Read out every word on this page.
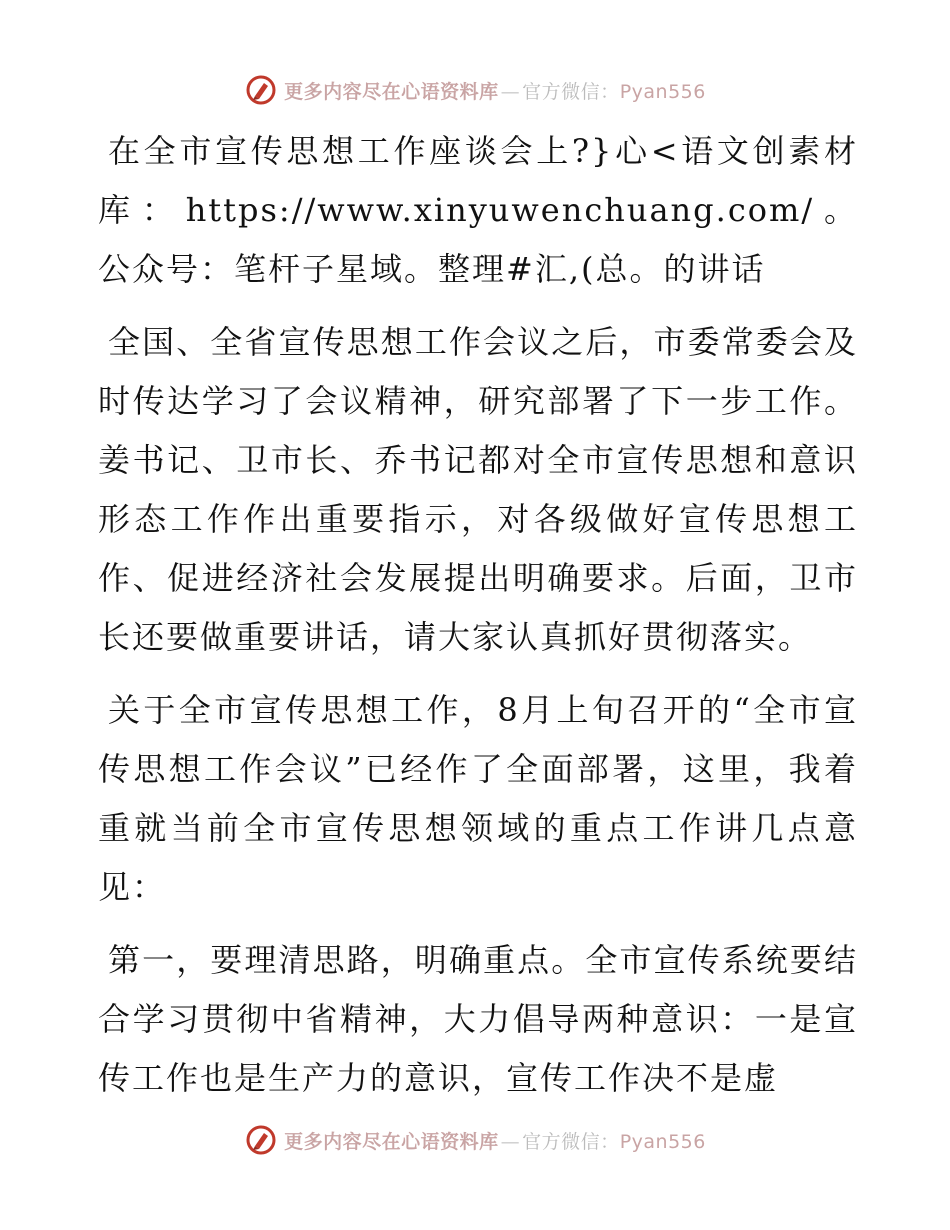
更多内容尽在心语资料库 — 官方微信：Pyan556

在全市宣传思想工作座谈会上?}心<语文创素材库：https://www.xinyuwenchuang.com/。公众号：笔杆子星域。整理#汇,(总。的讲话

全国、全省宣传思想工作会议之后，市委常委会及时传达学习了会议精神，研究部署了下一步工作。姜书记、卫市长、乔书记都对全市宣传思想和意识形态工作作出重要指示，对各级做好宣传思想工作、促进经济社会发展提出明确要求。后面，卫市长还要做重要讲话，请大家认真抓好贯彻落实。

关于全市宣传思想工作，8月上旬召开的“全市宣传思想工作会议”已经作了全面部署，这里，我着重就当前全市宣传思想领域的重点工作讲几点意见：

第一，要理清思路，明确重点。全市宣传系统要结合学习贯彻中省精神，大力倡导两种意识：一是宣传工作也是生产力的意识，宣传工作决不是虚

更多内容尽在心语资料库 — 官方微信：Pyan556
